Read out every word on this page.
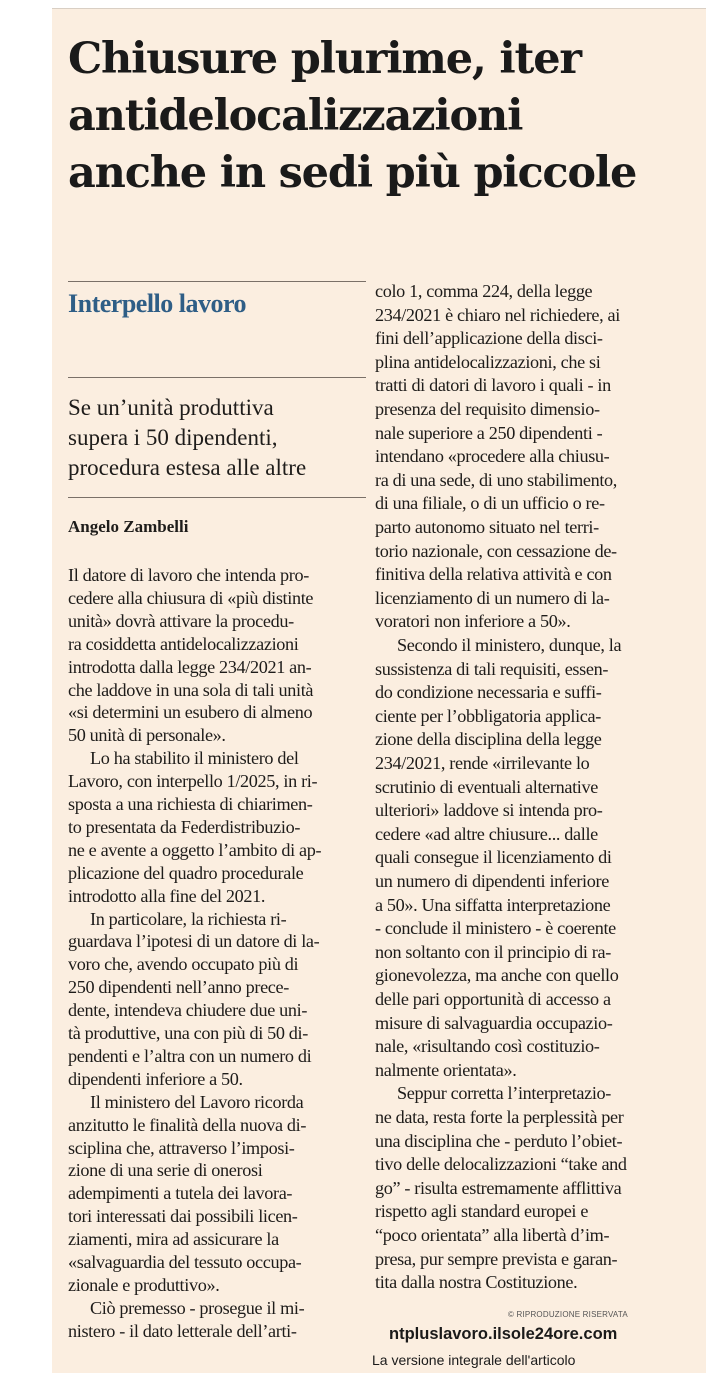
Chiusure plurime, iter
antidelocalizzazioni
anche in sedi più piccole
Interpello lavoro
Se un’unità produttiva
supera i 50 dipendenti,
procedura estesa alle altre
Angelo Zambelli
Il datore di lavoro che intenda pro-
cedere alla chiusura di «più distinte
unità» dovrà attivare la procedu-
ra cosiddetta antidelocalizzazioni
introdotta dalla legge 234/2021 an-
che laddove in una sola di tali unità
«si determini un esubero di almeno
50 unità di personale».
Lo ha stabilito il ministero del
Lavoro, con interpello 1/2025, in ri-
sposta a una richiesta di chiarimen-
to presentata da Federdistribuzio-
ne e avente a oggetto l’ambito di ap-
plicazione del quadro procedurale
introdotto alla fine del 2021.
In particolare, la richiesta ri-
guardava l’ipotesi di un datore di la-
voro che, avendo occupato più di
250 dipendenti nell’anno prece-
dente, intendeva chiudere due uni-
tà produttive, una con più di 50 di-
pendenti e l’altra con un numero di
dipendenti inferiore a 50.
Il ministero del Lavoro ricorda
anzitutto le finalità della nuova di-
sciplina che, attraverso l’imposi-
zione di una serie di onerosi
adempimenti a tutela dei lavora-
tori interessati dai possibili licen-
ziamenti, mira ad assicurare la
«salvaguardia del tessuto occupa-
zionale e produttivo».
Ciò premesso - prosegue il mi-
nistero - il dato letterale dell’arti-
colo 1, comma 224, della legge
234/2021 è chiaro nel richiedere, ai
fini dell’applicazione della disci-
plina antidelocalizzazioni, che si
tratti di datori di lavoro i quali - in
presenza del requisito dimensio-
nale superiore a 250 dipendenti -
intendano «procedere alla chiusu-
ra di una sede, di uno stabilimento,
di una filiale, o di un ufficio o re-
parto autonomo situato nel terri-
torio nazionale, con cessazione de-
finitiva della relativa attività e con
licenziamento di un numero di la-
voratori non inferiore a 50».
Secondo il ministero, dunque, la
sussistenza di tali requisiti, essen-
do condizione necessaria e suffi-
ciente per l’obbligatoria applica-
zione della disciplina della legge
234/2021, rende «irrilevante lo
scrutinio di eventuali alternative
ulteriori» laddove si intenda pro-
cedere «ad altre chiusure... dalle
quali consegue il licenziamento di
un numero di dipendenti inferiore
a 50». Una siffatta interpretazione
- conclude il ministero - è coerente
non soltanto con il principio di ra-
gionevolezza, ma anche con quello
delle pari opportunità di accesso a
misure di salvaguardia occupazio-
nale, «risultando così costituzio-
nalmente orientata».
Seppur corretta l’interpretazio-
ne data, resta forte la perplessità per
una disciplina che - perduto l’obiet-
tivo delle delocalizzazioni “take and
go” - risulta estremamente afflittiva
rispetto agli standard europei e
“poco orientata” alla libertà d’im-
presa, pur sempre prevista e garan-
tita dalla nostra Costituzione.
© RIPRODUZIONE RISERVATA
ntpluslavoro.ilsole24ore.com
La versione integrale dell'articolo
